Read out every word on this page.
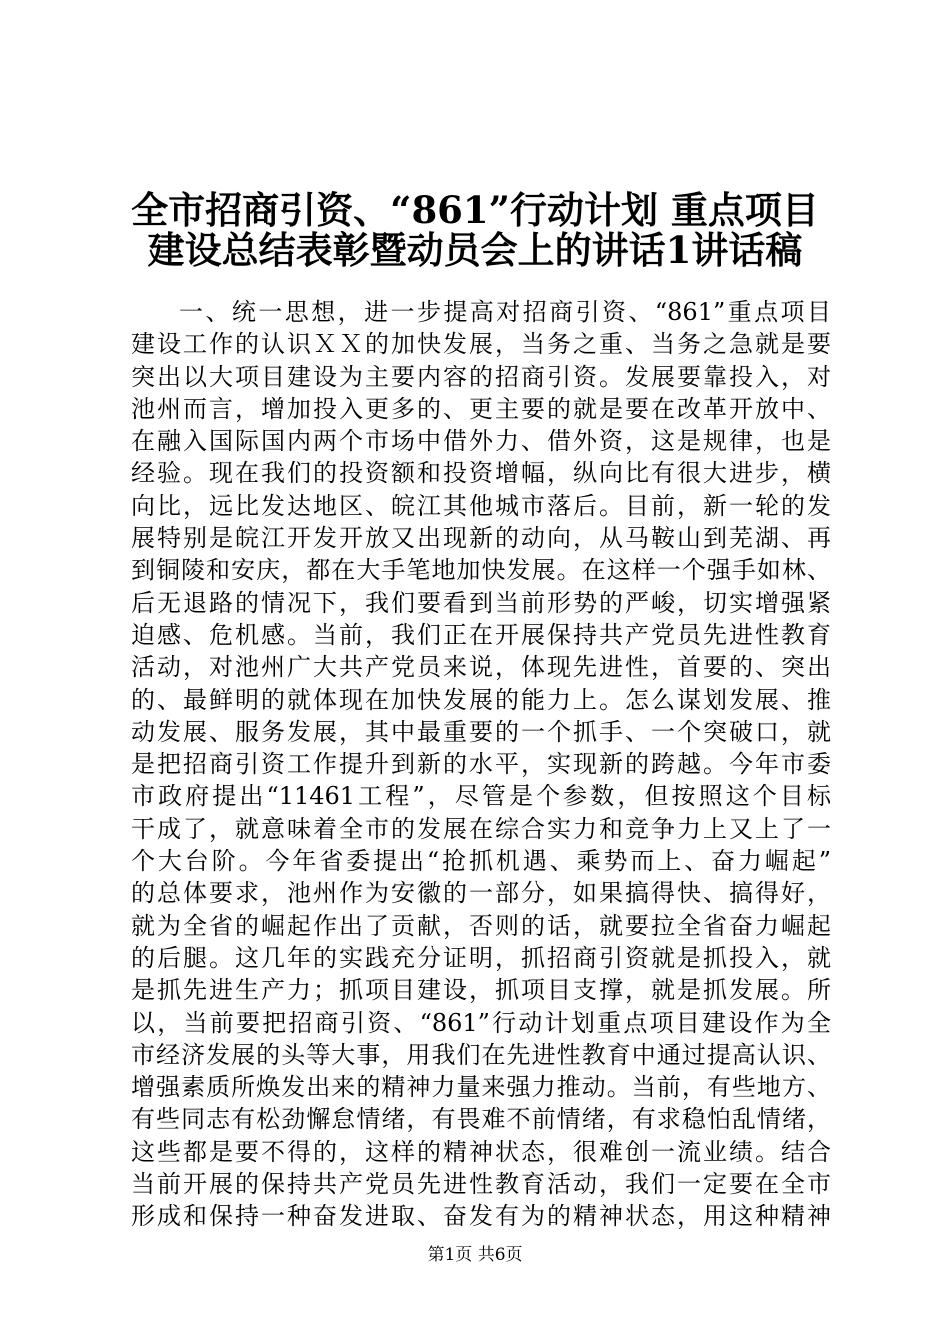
全市招商引资、“861”行动计划 重点项目
建设总结表彰暨动员会上的讲话1讲话稿
一、统一思想，进一步提高对招商引资、“861”重点项目
建设工作的认识ＸＸ的加快发展，当务之重、当务之急就是要
突出以大项目建设为主要内容的招商引资。发展要靠投入，对
池州而言，增加投入更多的、更主要的就是要在改革开放中、
在融入国际国内两个市场中借外力、借外资，这是规律，也是
经验。现在我们的投资额和投资增幅，纵向比有很大进步，横
向比，远比发达地区、皖江其他城市落后。目前，新一轮的发
展特别是皖江开发开放又出现新的动向，从马鞍山到芜湖、再
到铜陵和安庆，都在大手笔地加快发展。在这样一个强手如林、
后无退路的情况下，我们要看到当前形势的严峻，切实增强紧
迫感、危机感。当前，我们正在开展保持共产党员先进性教育
活动，对池州广大共产党员来说，体现先进性，首要的、突出
的、最鲜明的就体现在加快发展的能力上。怎么谋划发展、推
动发展、服务发展，其中最重要的一个抓手、一个突破口，就
是把招商引资工作提升到新的水平，实现新的跨越。今年市委
市政府提出“11461工程”，尽管是个参数，但按照这个目标
干成了，就意味着全市的发展在综合实力和竞争力上又上了一
个大台阶。今年省委提出“抢抓机遇、乘势而上、奋力崛起”
的总体要求，池州作为安徽的一部分，如果搞得快、搞得好，
就为全省的崛起作出了贡献，否则的话，就要拉全省奋力崛起
的后腿。这几年的实践充分证明，抓招商引资就是抓投入，就
是抓先进生产力；抓项目建设，抓项目支撑，就是抓发展。所
以，当前要把招商引资、“861”行动计划重点项目建设作为全
市经济发展的头等大事，用我们在先进性教育中通过提高认识、
增强素质所焕发出来的精神力量来强力推动。当前，有些地方、
有些同志有松劲懈怠情绪，有畏难不前情绪，有求稳怕乱情绪，
这些都是要不得的，这样的精神状态，很难创一流业绩。结合
当前开展的保持共产党员先进性教育活动，我们一定要在全市
形成和保持一种奋发进取、奋发有为的精神状态，用这种精神
第1页 共6页
